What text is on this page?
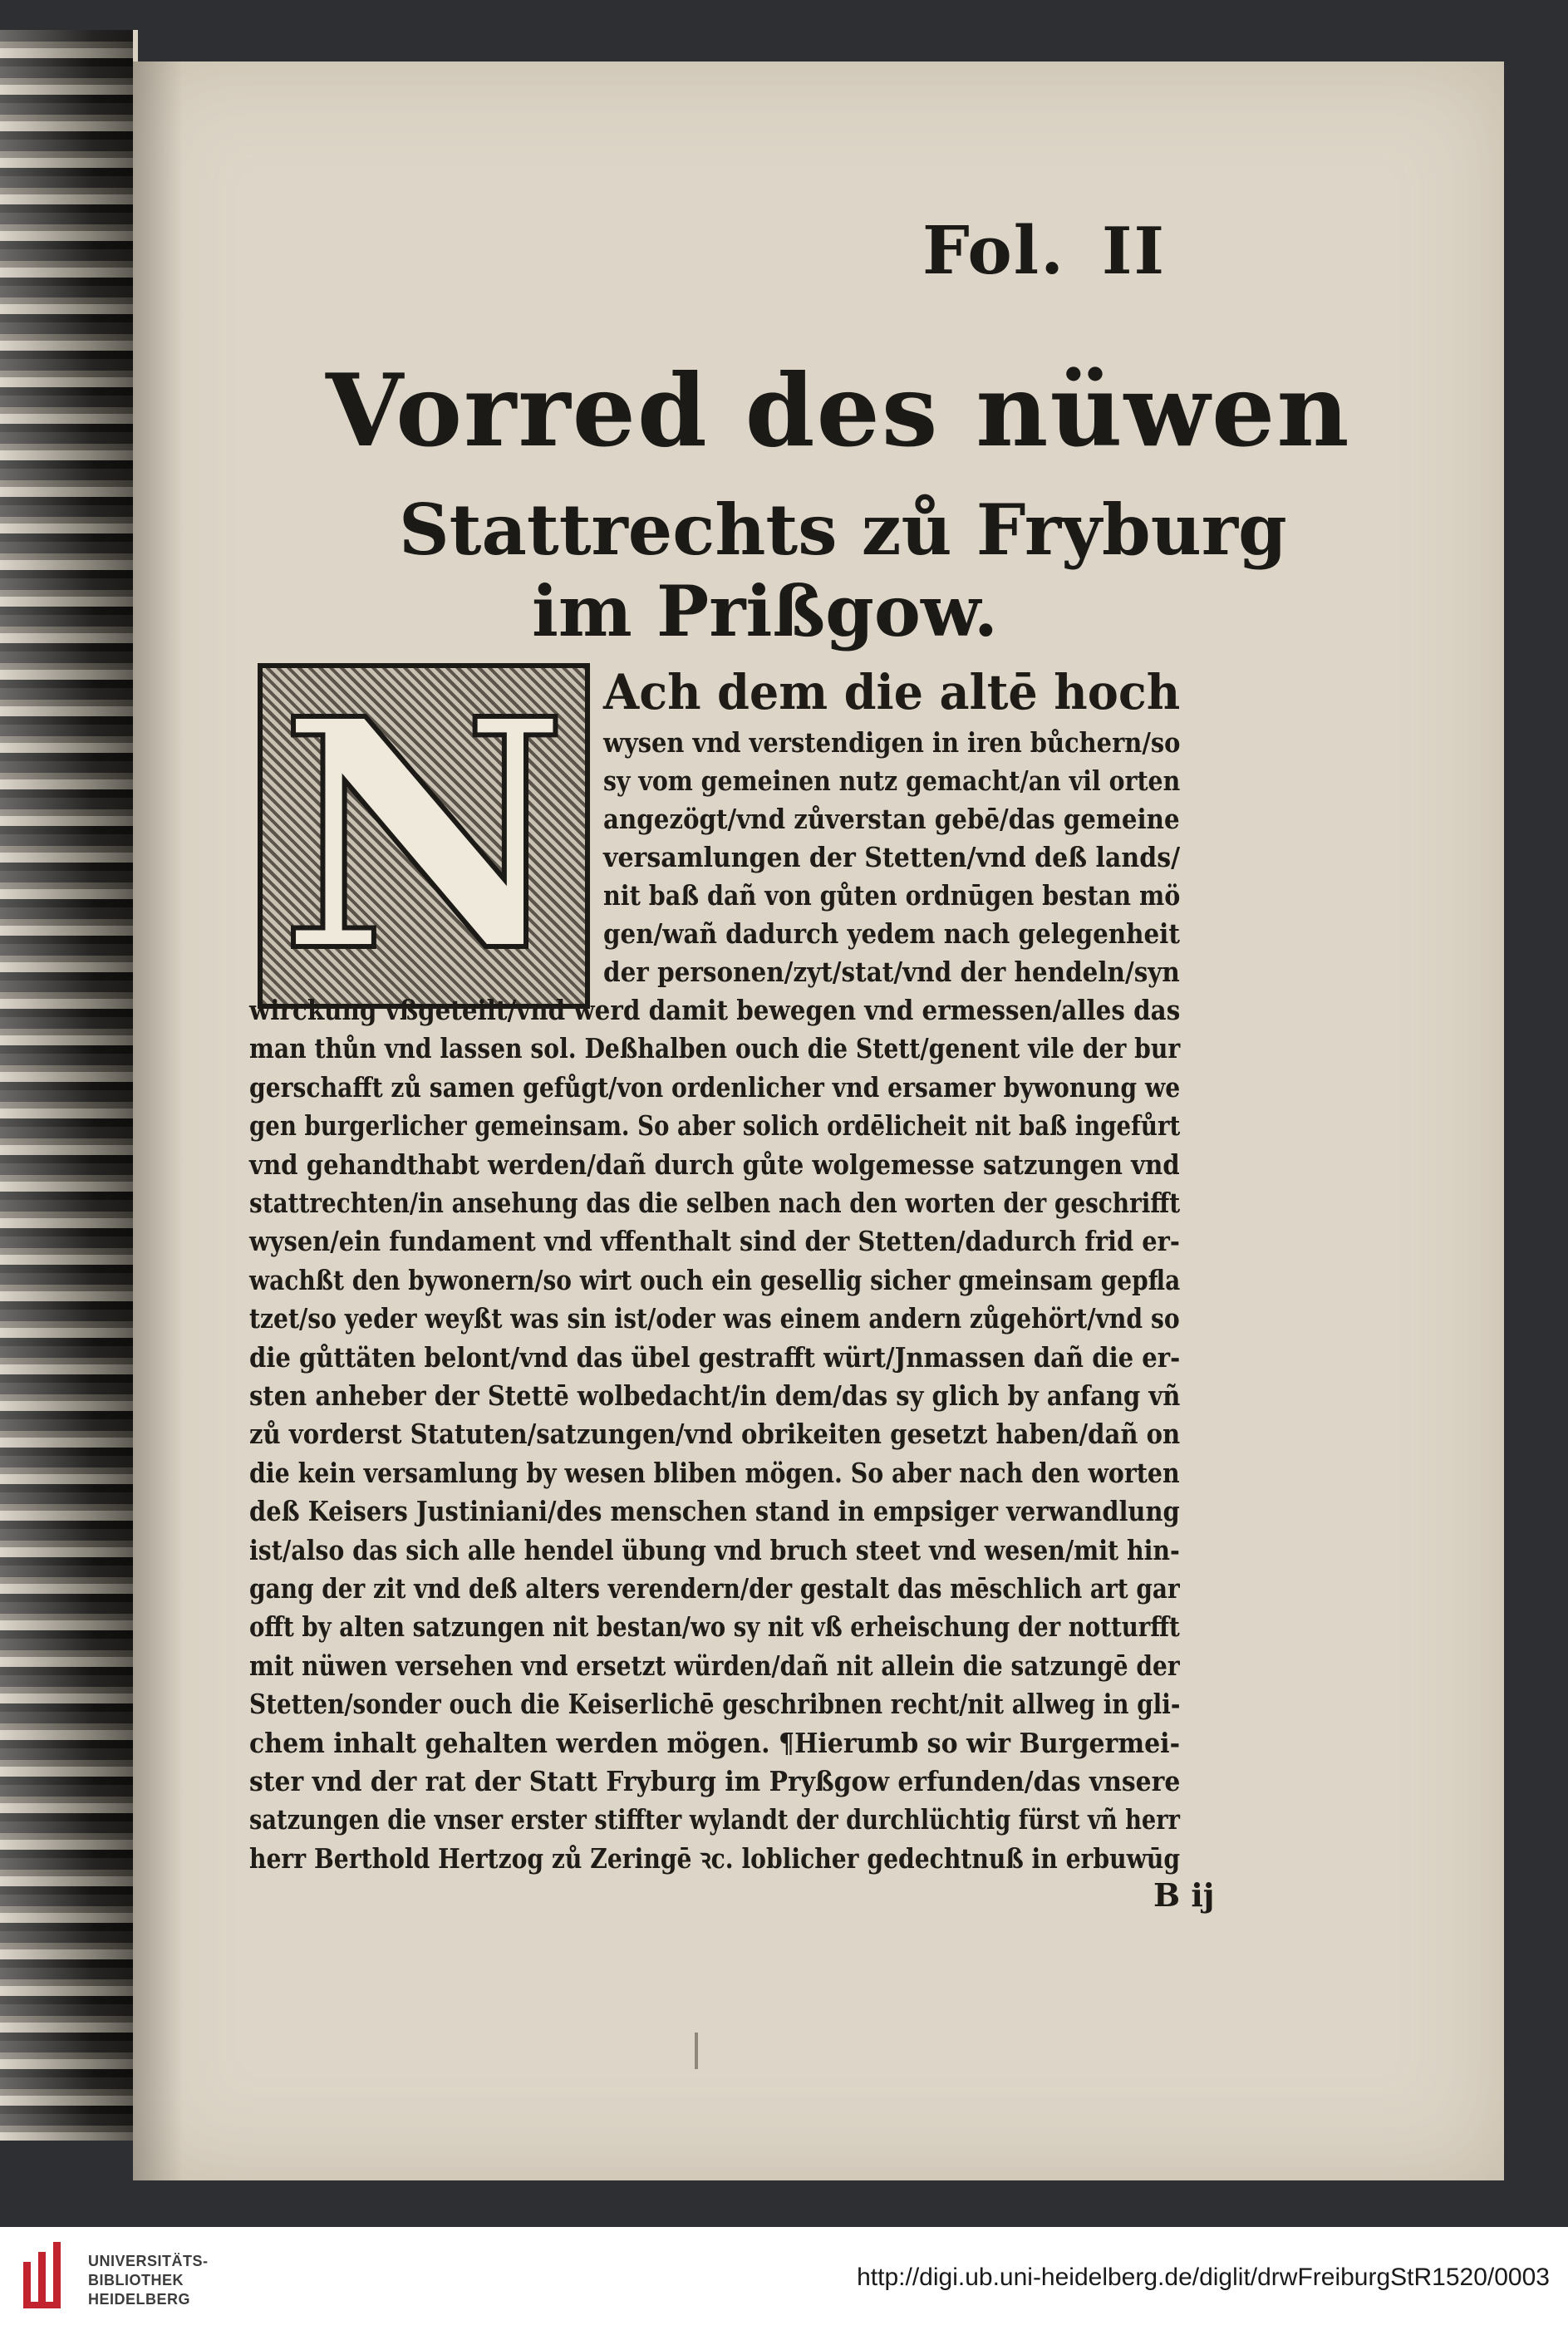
Fol. II
Vorred des nüwen
Stattrechts zů Fryburg
im Prißgow.
N Ach dem die altē hoch
wysen vnd verstendigen in iren bůchern/so
sy vom gemeinen nutz gemacht/an vil orten
angezögt/vnd zůverstan gebē/das gemeine
versamlungen der Stetten/vnd deß lands/
nit baß dañ von gůten ordnūgen bestan mö
gen/wañ dadurch yedem nach gelegenheit
der personen/zyt/stat/vnd der hendeln/syn
wirckung vßgeteilt/vnd werd damit bewegen vnd ermessen/alles das
man thůn vnd lassen sol. Deßhalben ouch die Stett/genent vile der bur
gerschafft zů samen gefůgt/von ordenlicher vnd ersamer bywonung we
gen burgerlicher gemeinsam. So aber solich ordēlicheit nit baß ingefůrt
vnd gehandthabt werden/dañ durch gůte wolgemesse satzungen vnd
stattrechten/in ansehung das die selben nach den worten der geschrifft
wysen/ein fundament vnd vffenthalt sind der Stetten/dadurch frid er-
wachßt den bywonern/so wirt ouch ein gesellig sicher gmeinsam gepfla
tzet/so yeder weyßt was sin ist/oder was einem andern zůgehört/vnd so
die gůttäten belont/vnd das übel gestrafft würt/Jnmassen dañ die er-
sten anheber der Stettē wolbedacht/in dem/das sy glich by anfang vñ
zů vorderst Statuten/satzungen/vnd obrikeiten gesetzt haben/dañ on
die kein versamlung by wesen bliben mögen. So aber nach den worten
deß Keisers Justiniani/des menschen stand in empsiger verwandlung
ist/also das sich alle hendel übung vnd bruch steet vnd wesen/mit hin-
gang der zit vnd deß alters verendern/der gestalt das mēschlich art gar
offt by alten satzungen nit bestan/wo sy nit vß erheischung der notturfft
mit nüwen versehen vnd ersetzt würden/dañ nit allein die satzungē der
Stetten/sonder ouch die Keiserlichē geschribnen recht/nit allweg in gli-
chem inhalt gehalten werden mögen. ¶Hierumb so wir Burgermei-
ster vnd der rat der Statt Fryburg im Pryßgow erfunden/das vnsere
satzungen die vnser erster stiffter wylandt der durchlüchtig fürst vñ herr
herr Berthold Hertzog zů Zeringē ꝛc. loblicher gedechtnuß in erbuwūg
B ij
UNIVERSITÄTS-
BIBLIOTHEK
HEIDELBERG
http://digi.ub.uni-heidelberg.de/diglit/drwFreiburgStR1520/0003
